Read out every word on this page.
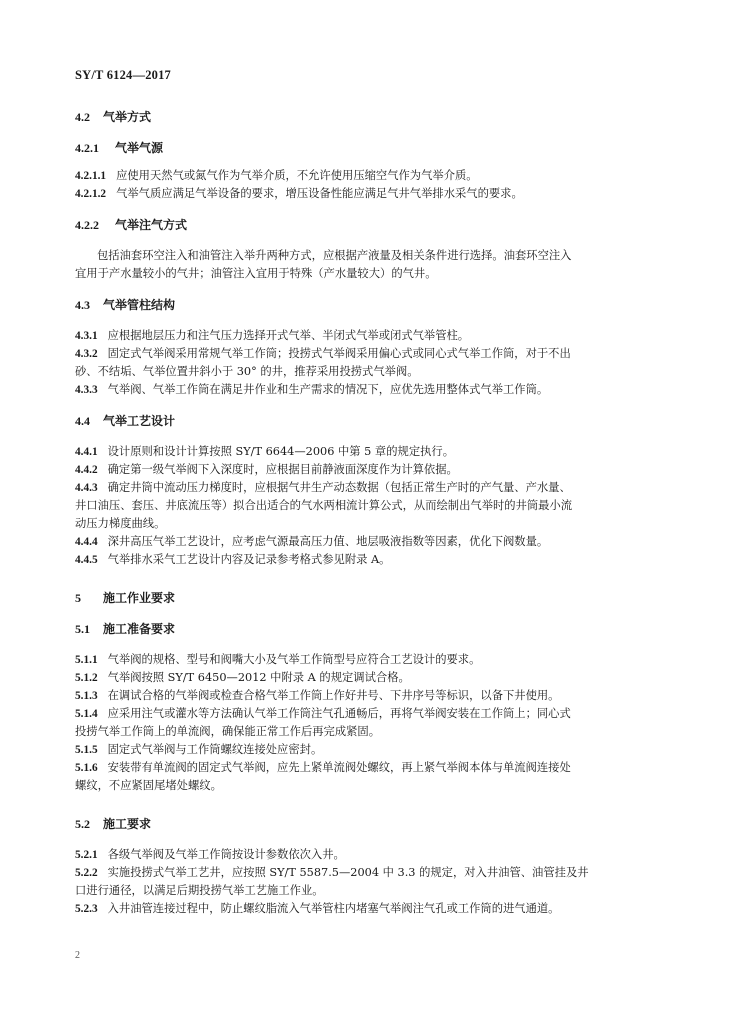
SY/T 6124—2017
4.2 气举方式
4.2.1 气举气源

4.2.1.1 应使用天然气或氮气作为气举介质，不允许使用压缩空气作为气举介质。

4.2.1.2 气举气质应满足气举设备的要求，增压设备性能应满足气井气举排水采气的要求。

4.2.2 气举注气方式

包括油套环空注入和油管注入举升两种方式，应根据产液量及相关条件进行选择。油套环空注入

宜用于产水量较小的气井；油管注入宜用于特殊（产水量较大）的气井。

4.3 气举管柱结构

4.3.1 应根据地层压力和注气压力选择开式气举、半闭式气举或闭式气举管柱。

4.3.2 固定式气举阀采用常规气举工作筒；投捞式气举阀采用偏心式或同心式气举工作筒，对于不出

砂、不结垢、气举位置井斜小于 30° 的井，推荐采用投捞式气举阀。

4.3.3 气举阀、气举工作筒在满足井作业和生产需求的情况下，应优先选用整体式气举工作筒。

4.4 气举工艺设计

4.4.1 设计原则和设计计算按照 SY/T 6644—2006 中第 5 章的规定执行。

4.4.2 确定第一级气举阀下入深度时，应根据目前静液面深度作为计算依据。

4.4.3 确定井筒中流动压力梯度时，应根据气井生产动态数据（包括正常生产时的产气量、产水量、

井口油压、套压、井底流压等）拟合出适合的气水两相流计算公式，从而绘制出气举时的井筒最小流

动压力梯度曲线。

4.4.4 深井高压气举工艺设计，应考虑气源最高压力值、地层吸液指数等因素，优化下阀数量。

4.4.5 气举排水采气工艺设计内容及记录参考格式参见附录 A。

5 施工作业要求
5.1 施工准备要求

5.1.1 气举阀的规格、型号和阀嘴大小及气举工作筒型号应符合工艺设计的要求。

5.1.2 气举阀按照 SY/T 6450—2012 中附录 A 的规定调试合格。

5.1.3 在调试合格的气举阀或检查合格气举工作筒上作好井号、下井序号等标识，以备下井使用。

5.1.4 应采用注气或灌水等方法确认气举工作筒注气孔通畅后，再将气举阀安装在工作筒上；同心式

投捞气举工作筒上的单流阀，确保能正常工作后再完成紧固。

5.1.5 固定式气举阀与工作筒螺纹连接处应密封。

5.1.6 安装带有单流阀的固定式气举阀，应先上紧单流阀处螺纹，再上紧气举阀本体与单流阀连接处

螺纹，不应紧固尾堵处螺纹。

5.2 施工要求

5.2.1 各级气举阀及气举工作筒按设计参数依次入井。

5.2.2 实施投捞式气举工艺井，应按照 SY/T 5587.5—2004 中 3.3 的规定，对入井油管、油管挂及井

口进行通径，以满足后期投捞气举工艺施工作业。

5.2.3 入井油管连接过程中，防止螺纹脂流入气举管柱内堵塞气举阀注气孔或工作筒的进气通道。

2
